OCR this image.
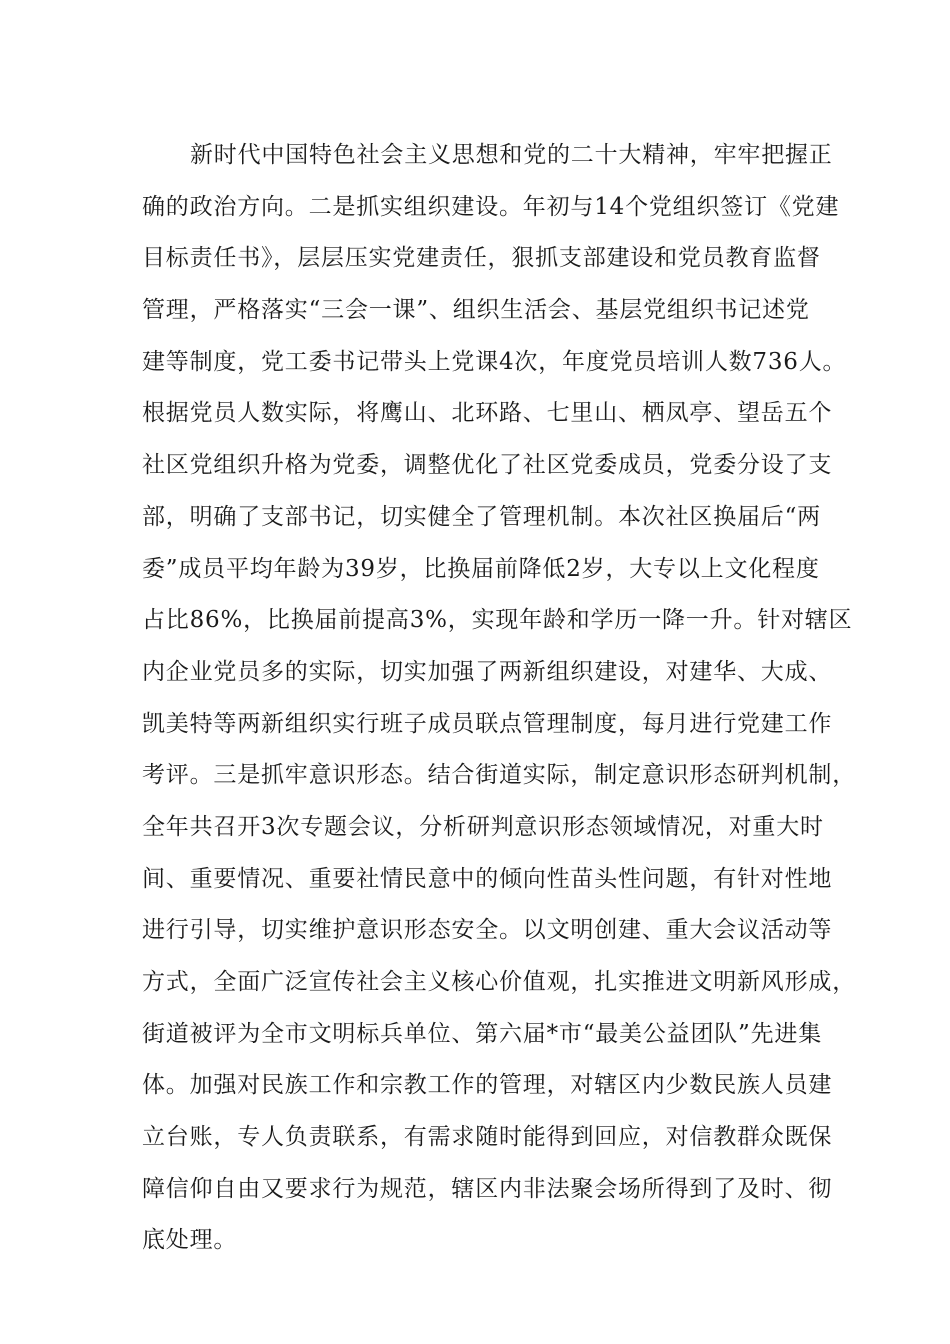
新时代中国特色社会主义思想和党的二十大精神，牢牢把握正
确的政治方向。二是抓实组织建设。年初与14个党组织签订《党建
目标责任书》，层层压实党建责任，狠抓支部建设和党员教育监督
管理，严格落实“三会一课”、组织生活会、基层党组织书记述党
建等制度，党工委书记带头上党课4次，年度党员培训人数736人。
根据党员人数实际，将鹰山、北环路、七里山、栖凤亭、望岳五个
社区党组织升格为党委，调整优化了社区党委成员，党委分设了支
部，明确了支部书记，切实健全了管理机制。本次社区换届后“两
委”成员平均年龄为39岁，比换届前降低2岁，大专以上文化程度
占比86%，比换届前提高3%，实现年龄和学历一降一升。针对辖区
内企业党员多的实际，切实加强了两新组织建设，对建华、大成、
凯美特等两新组织实行班子成员联点管理制度，每月进行党建工作
考评。三是抓牢意识形态。结合街道实际，制定意识形态研判机制，
全年共召开3次专题会议，分析研判意识形态领域情况，对重大时
间、重要情况、重要社情民意中的倾向性苗头性问题，有针对性地
进行引导，切实维护意识形态安全。以文明创建、重大会议活动等
方式，全面广泛宣传社会主义核心价值观，扎实推进文明新风形成，
街道被评为全市文明标兵单位、第六届*市“最美公益团队”先进集
体。加强对民族工作和宗教工作的管理，对辖区内少数民族人员建
立台账，专人负责联系，有需求随时能得到回应，对信教群众既保
障信仰自由又要求行为规范，辖区内非法聚会场所得到了及时、彻
底处理。
